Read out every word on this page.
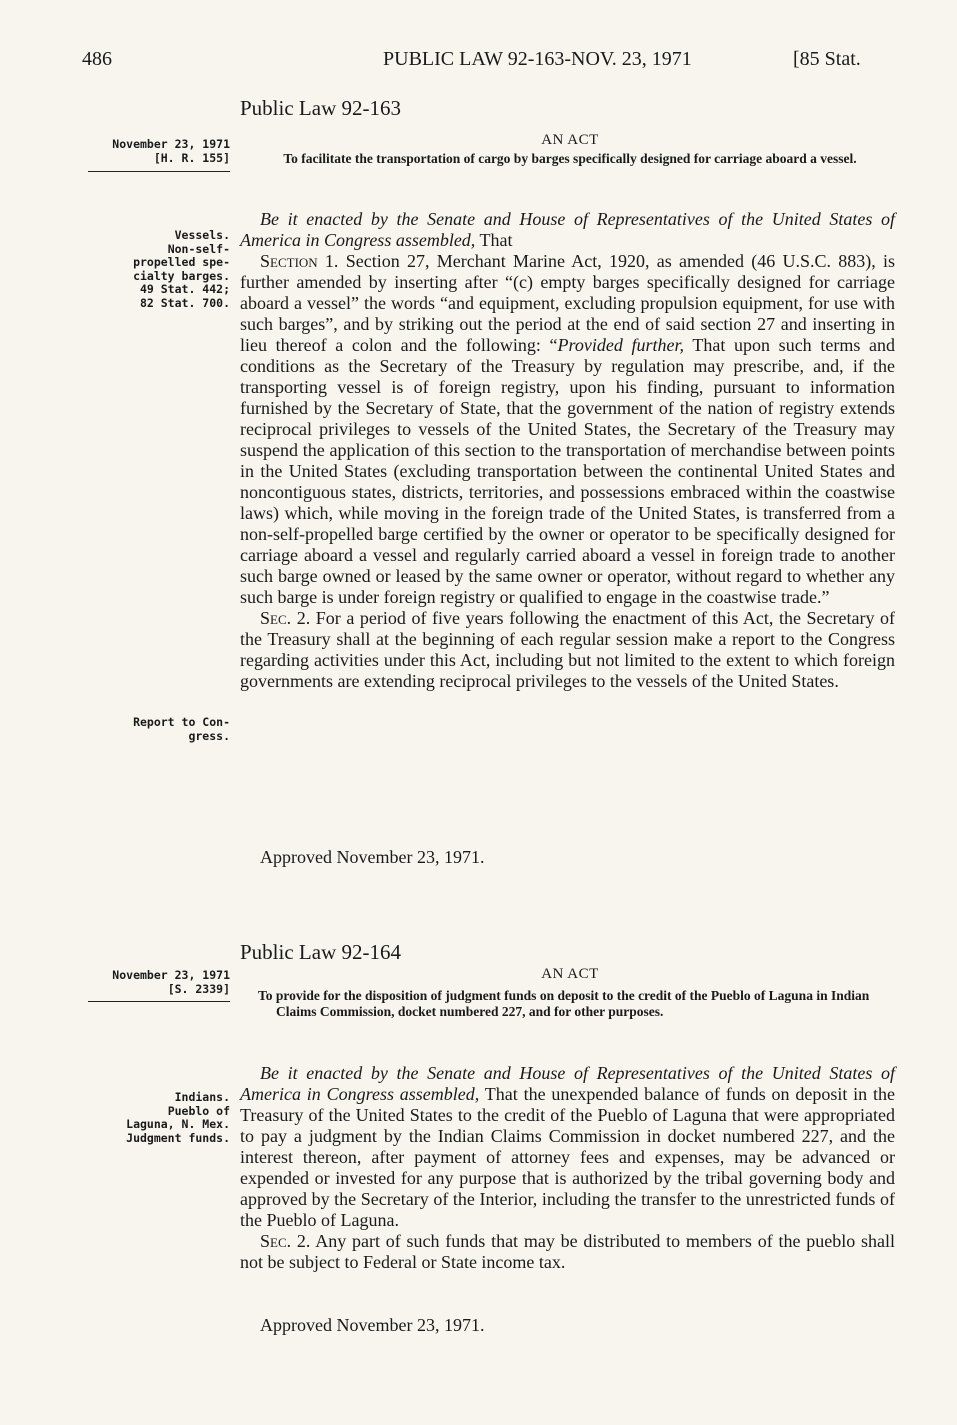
486	PUBLIC LAW 92-163-NOV. 23, 1971	[85 Stat.
Public Law 92-163
November 23, 1971
[H. R. 155]
AN ACT
To facilitate the transportation of cargo by barges specifically designed for carriage aboard a vessel.
Vessels.
Non-self-
propelled spe-
cialty barges.
49 Stat. 442;
82 Stat. 700.

Be it enacted by the Senate and House of Representatives of the United States of America in Congress assembled, That

Section 1. Section 27, Merchant Marine Act, 1920, as amended (46 U.S.C. 883), is further amended by inserting after “(c) empty barges specifically designed for carriage aboard a vessel” the words “and equipment, excluding propulsion equipment, for use with such barges”, and by striking out the period at the end of said section 27 and inserting in lieu thereof a colon and the following: “Provided further, That upon such terms and conditions as the Secretary of the Treasury by regulation may prescribe, and, if the transporting vessel is of foreign registry, upon his finding, pursuant to information furnished by the Secretary of State, that the government of the nation of registry extends reciprocal privileges to vessels of the United States, the Secretary of the Treasury may suspend the application of this section to the transportation of merchandise between points in the United States (excluding transportation between the continental United States and noncontiguous states, districts, territories, and possessions embraced within the coastwise laws) which, while moving in the foreign trade of the United States, is transferred from a non-self-propelled barge certified by the owner or operator to be specifically designed for carriage aboard a vessel and regularly carried aboard a vessel in foreign trade to another such barge owned or leased by the same owner or operator, without regard to whether any such barge is under foreign registry or qualified to engage in the coastwise trade.”

Sec. 2. For a period of five years following the enactment of this Act, the Secretary of the Treasury shall at the beginning of each regular session make a report to the Congress regarding activities under this Act, including but not limited to the extent to which foreign governments are extending reciprocal privileges to the vessels of the United States.

Report to Con-
gress.
Approved November 23, 1971.
Public Law 92-164
November 23, 1971
[S. 2339]
AN ACT
To provide for the disposition of judgment funds on deposit to the credit of the Pueblo of Laguna in Indian Claims Commission, docket numbered 227, and for other purposes.
Indians.
Pueblo of
Laguna, N. Mex.
Judgment funds.

Be it enacted by the Senate and House of Representatives of the United States of America in Congress assembled, That the unexpended balance of funds on deposit in the Treasury of the United States to the credit of the Pueblo of Laguna that were appropriated to pay a judgment by the Indian Claims Commission in docket numbered 227, and the interest thereon, after payment of attorney fees and expenses, may be advanced or expended or invested for any purpose that is authorized by the tribal governing body and approved by the Secretary of the Interior, including the transfer to the unrestricted funds of the Pueblo of Laguna.

Sec. 2. Any part of such funds that may be distributed to members of the pueblo shall not be subject to Federal or State income tax.

Approved November 23, 1971.
